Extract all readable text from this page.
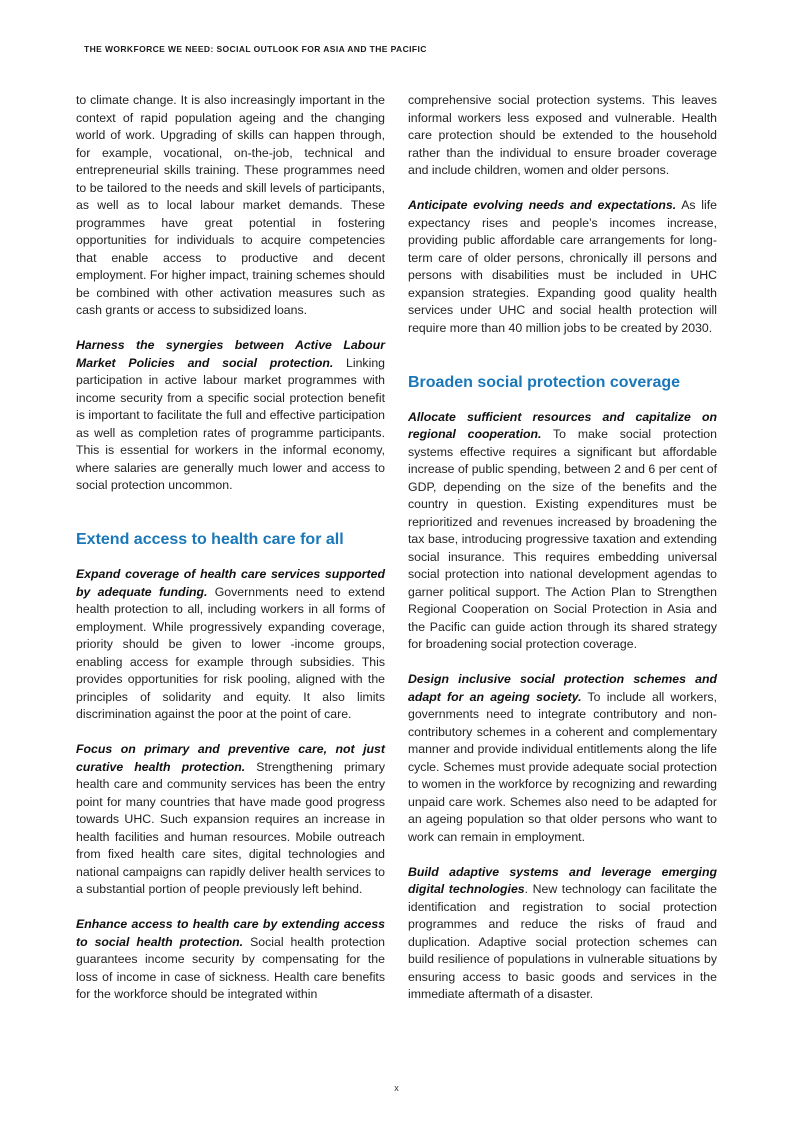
THE WORKFORCE WE NEED: SOCIAL OUTLOOK FOR ASIA AND THE PACIFIC

to climate change. It is also increasingly important in the context of rapid population ageing and the changing world of work. Upgrading of skills can happen through, for example, vocational, on-the-job, technical and entrepreneurial skills training. These programmes need to be tailored to the needs and skill levels of participants, as well as to local labour market demands. These programmes have great potential in fostering opportunities for individuals to acquire competencies that enable access to productive and decent employment. For higher impact, training schemes should be combined with other activation measures such as cash grants or access to subsidized loans.

Harness the synergies between Active Labour Market Policies and social protection. Linking participation in active labour market programmes with income security from a specific social protection benefit is important to facilitate the full and effective participation as well as completion rates of programme participants. This is essential for workers in the informal economy, where salaries are generally much lower and access to social protection uncommon.

Extend access to health care for all

Expand coverage of health care services supported by adequate funding. Governments need to extend health protection to all, including workers in all forms of employment. While progressively expanding coverage, priority should be given to lower -income groups, enabling access for example through subsidies. This provides opportunities for risk pooling, aligned with the principles of solidarity and equity. It also limits discrimination against the poor at the point of care.

Focus on primary and preventive care, not just curative health protection. Strengthening primary health care and community services has been the entry point for many countries that have made good progress towards UHC. Such expansion requires an increase in health facilities and human resources. Mobile outreach from fixed health care sites, digital technologies and national campaigns can rapidly deliver health services to a substantial portion of people previously left behind.

Enhance access to health care by extending access to social health protection. Social health protection guarantees income security by compensating for the loss of income in case of sickness. Health care benefits for the workforce should be integrated within

comprehensive social protection systems. This leaves informal workers less exposed and vulnerable. Health care protection should be extended to the household rather than the individual to ensure broader coverage and include children, women and older persons.

Anticipate evolving needs and expectations. As life expectancy rises and people’s incomes increase, providing public affordable care arrangements for long-term care of older persons, chronically ill persons and persons with disabilities must be included in UHC expansion strategies. Expanding good quality health services under UHC and social health protection will require more than 40 million jobs to be created by 2030.

Broaden social protection coverage

Allocate sufficient resources and capitalize on regional cooperation. To make social protection systems effective requires a significant but affordable increase of public spending, between 2 and 6 per cent of GDP, depending on the size of the benefits and the country in question. Existing expenditures must be reprioritized and revenues increased by broadening the tax base, introducing progressive taxation and extending social insurance. This requires embedding universal social protection into national development agendas to garner political support. The Action Plan to Strengthen Regional Cooperation on Social Protection in Asia and the Pacific can guide action through its shared strategy for broadening social protection coverage.

Design inclusive social protection schemes and adapt for an ageing society. To include all workers, governments need to integrate contributory and non-contributory schemes in a coherent and complementary manner and provide individual entitlements along the life cycle. Schemes must provide adequate social protection to women in the workforce by recognizing and rewarding unpaid care work. Schemes also need to be adapted for an ageing population so that older persons who want to work can remain in employment.

Build adaptive systems and leverage emerging digital technologies. New technology can facilitate the identification and registration to social protection programmes and reduce the risks of fraud and duplication. Adaptive social protection schemes can build resilience of populations in vulnerable situations by ensuring access to basic goods and services in the immediate aftermath of a disaster.

x
